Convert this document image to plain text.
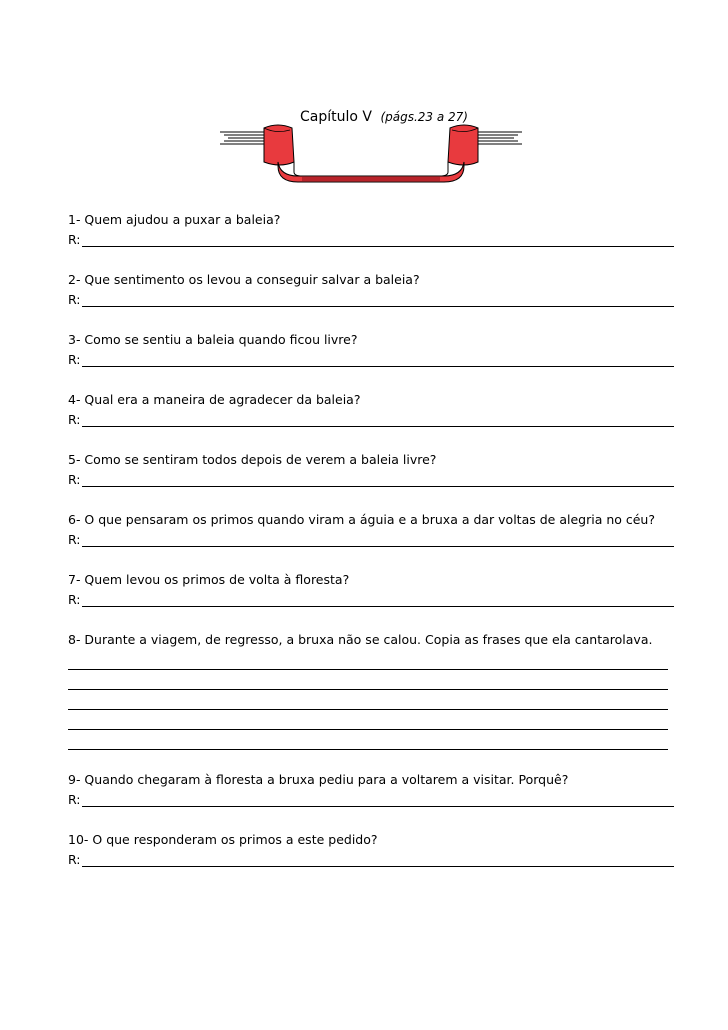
Capítulo V (págs.23 a 27)
1- Quem ajudou a puxar a baleia?
R:
2- Que sentimento os levou a conseguir salvar a baleia?
R:
3- Como se sentiu a baleia quando ficou livre?
R:
4- Qual era a maneira de agradecer da baleia?
R:
5- Como se sentiram todos depois de verem a baleia livre?
R:
6- O que pensaram os primos quando viram a águia e a bruxa a dar voltas de alegria no céu?
R:
7- Quem levou os primos de volta à floresta?
R:
8- Durante a viagem, de regresso, a bruxa não se calou. Copia as frases que ela cantarolava.
9- Quando chegaram à floresta a bruxa pediu para a voltarem a visitar. Porquê?
R:
10- O que responderam os primos a este pedido?
R:
